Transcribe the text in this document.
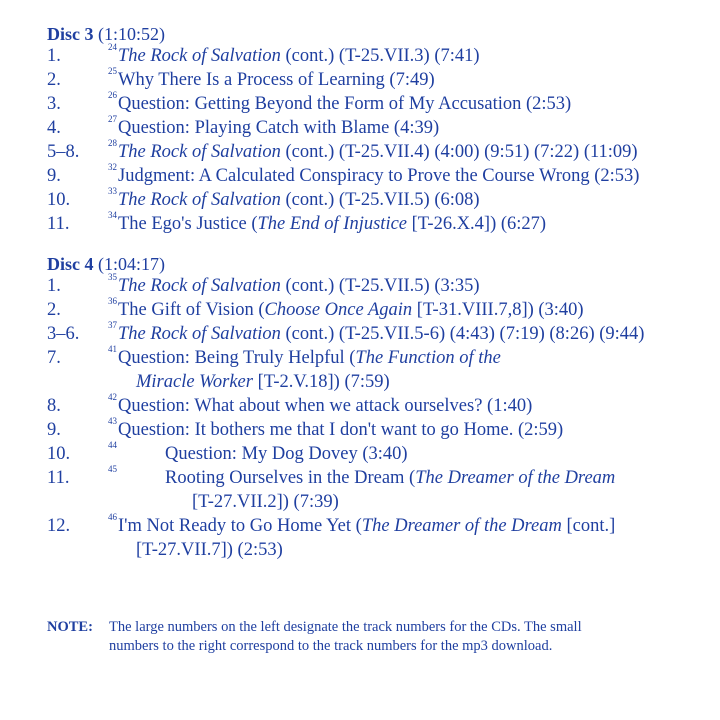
Disc 3 (1:10:52)
1.	24 The Rock of Salvation (cont.) (T-25.VII.3) (7:41)
2.	25 Why There Is a Process of Learning (7:49)
3.	26 Question: Getting Beyond the Form of My Accusation (2:53)
4.	27 Question: Playing Catch with Blame (4:39)
5–8.	28 The Rock of Salvation (cont.) (T-25.VII.4) (4:00) (9:51) (7:22) (11:09)
9.	32 Judgment: A Calculated Conspiracy to Prove the Course Wrong (2:53)
10.	33 The Rock of Salvation (cont.) (T-25.VII.5) (6:08)
11.	34 The Ego's Justice (The End of Injustice [T-26.X.4]) (6:27)
Disc 4 (1:04:17)
1.	35 The Rock of Salvation (cont.) (T-25.VII.5) (3:35)
2.	36 The Gift of Vision (Choose Once Again [T-31.VIII.7,8]) (3:40)
3–6.	37 The Rock of Salvation (cont.) (T-25.VII.5-6) (4:43) (7:19) (8:26) (9:44)
7.	41 Question: Being Truly Helpful (The Function of the
Miracle Worker [T-2.V.18]) (7:59)
8.	42 Question: What about when we attack ourselves? (1:40)
9.	43 Question: It bothers me that I don't want to go Home. (2:59)
10.	44	Question: My Dog Dovey (3:40)
11.	45	Rooting Ourselves in the Dream (The Dreamer of the Dream
[T-27.VII.2]) (7:39)
12.	46 I'm Not Ready to Go Home Yet (The Dreamer of the Dream [cont.]
[T-27.VII.7]) (2:53)
NOTE: The large numbers on the left designate the track numbers for the CDs. The small
numbers to the right correspond to the track numbers for the mp3 download.
